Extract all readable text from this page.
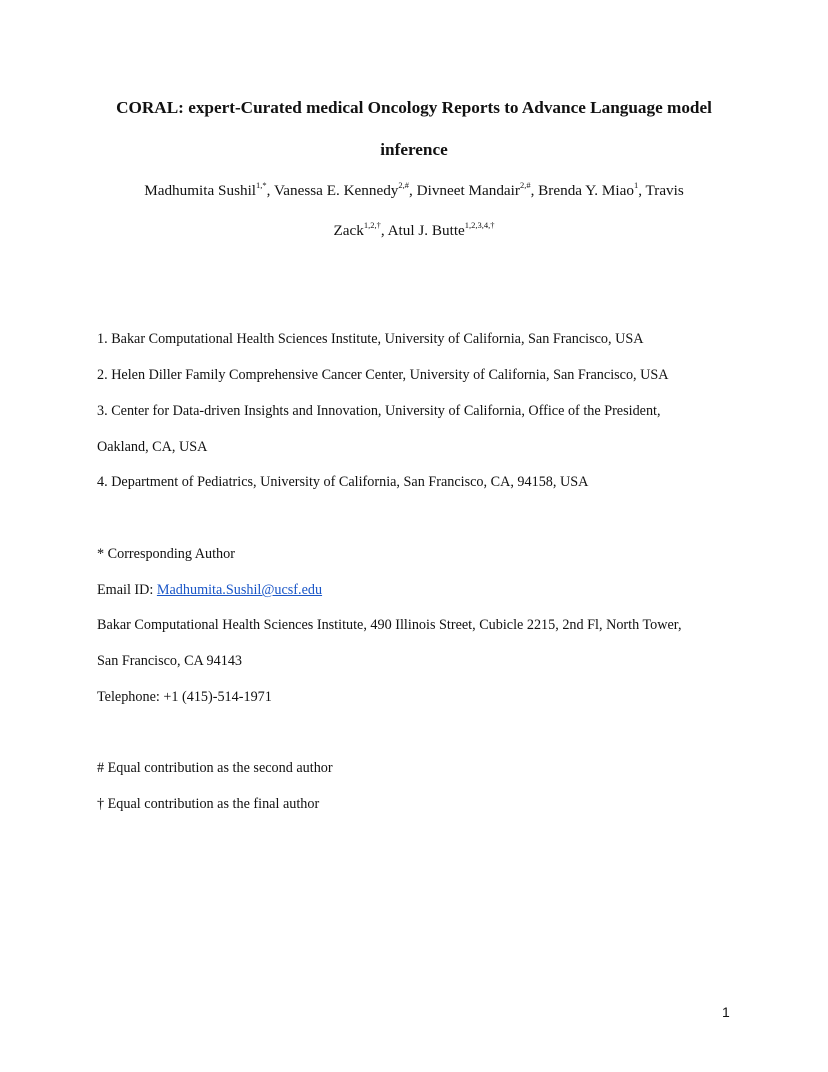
CORAL: expert-Curated medical Oncology Reports to Advance Language model
inference
Madhumita Sushil$^{1,*}$, Vanessa E. Kennedy$^{2,\#}$, Divneet Mandair$^{2,\#}$, Brenda Y. Miao$^1$, Travis
Zack$^{1,2,\dagger}$, Atul J. Butte$^{1,2,3,4,\dagger}$
1. Bakar Computational Health Sciences Institute, University of California, San Francisco, USA
2. Helen Diller Family Comprehensive Cancer Center, University of California, San Francisco, USA
3. Center for Data-driven Insights and Innovation, University of California, Office of the President,
Oakland, CA, USA
4. Department of Pediatrics, University of California, San Francisco, CA, 94158, USA
* Corresponding Author
Email ID: Madhumita.Sushil@ucsf.edu
Bakar Computational Health Sciences Institute, 490 Illinois Street, Cubicle 2215, 2nd Fl, North Tower,
San Francisco, CA 94143
Telephone: +1 (415)-514-1971
# Equal contribution as the second author
† Equal contribution as the final author
1
